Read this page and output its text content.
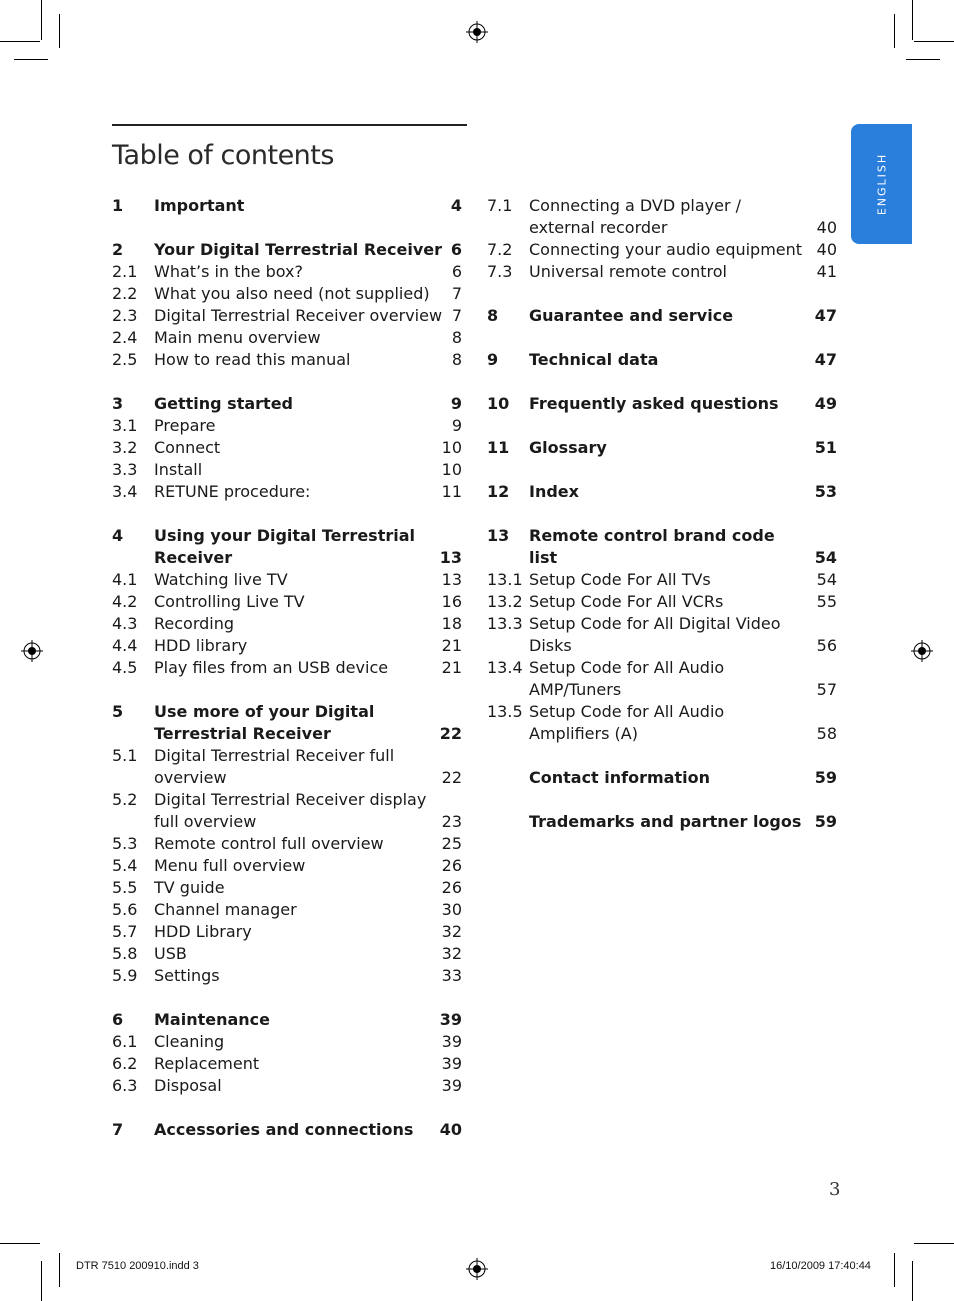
Table of contents	ENGLISH
1	Important	4
2	Your Digital Terrestrial Receiver 6
2.1	What’s in the box?	6
2.2	What you also need (not supplied)	7
2.3	Digital Terrestrial Receiver overview 7
2.4	Main menu overview	8
2.5	How to read this manual	8
3	Getting started	9
3.1	Prepare	9
3.2	Connect	10
3.3	Install	10
3.4	RETUNE procedure:	11
4	Using your Digital Terrestrial Receiver	13
4.1	Watching live TV	13
4.2	Controlling Live TV	16
4.3	Recording	18
4.4	HDD library	21
4.5	Play files from an USB device	21
5	Use more of your Digital Terrestrial Receiver	22
5.1	Digital Terrestrial Receiver full overview	22
5.2	Digital Terrestrial Receiver display full overview	23
5.3	Remote control full overview	25
5.4	Menu full overview	26
5.5	TV guide	26
5.6	Channel manager	30
5.7	HDD Library	32
5.8	USB	32
5.9	Settings	33
6	Maintenance	39
6.1	Cleaning	39
6.2	Replacement	39
6.3	Disposal	39
7	Accessories and connections	40
7.1	Connecting a DVD player / external recorder	40
7.2	Connecting your audio equipment 40
7.3	Universal remote control	41
8	Guarantee and service	47
9	Technical data	47
10	Frequently asked questions	49
11	Glossary	51
12	Index	53
13	Remote control brand code list	54
13.1 Setup Code For All TVs	54
13.2 Setup Code For All VCRs	55
13.3 Setup Code for All Digital Video Disks	56
13.4 Setup Code for All Audio AMP/Tuners	57
13.5 Setup Code for All Audio Amplifiers (A)	58
Contact information	59
Trademarks and partner logos 59
3
DTR 7510 200910.indd 3	16/10/2009 17:40:44
